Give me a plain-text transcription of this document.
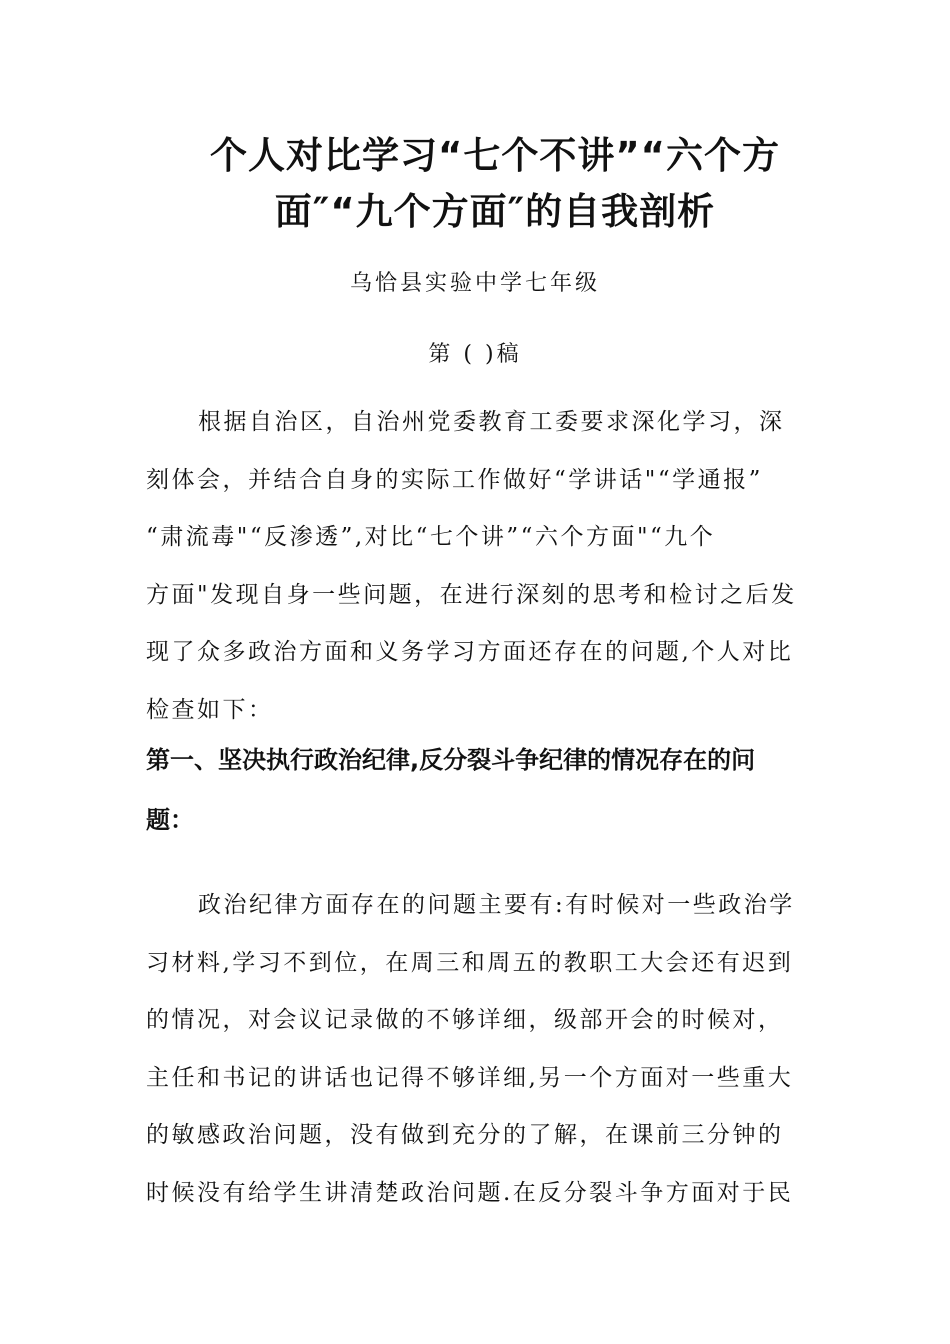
个人对比学习“七个不讲”“六个方
面″“九个方面″的自我剖析

乌恰县实验中学七年级

第 ( )稿

根据自治区，自治州党委教育工委要求深化学习，深
刻体会，并结合自身的实际工作做好“学讲话"“学通报”
“肃流毒"“反渗透”,对比“七个讲”“六个方面"“九个
方面"发现自身一些问题，在进行深刻的思考和检讨之后发
现了众多政治方面和义务学习方面还存在的问题,个人对比
检查如下：

第一、坚决执行政治纪律,反分裂斗争纪律的情况存在的问
题：

政治纪律方面存在的问题主要有:有时候对一些政治学
习材料,学习不到位，在周三和周五的教职工大会还有迟到
的情况，对会议记录做的不够详细，级部开会的时候对，
主任和书记的讲话也记得不够详细,另一个方面对一些重大
的敏感政治问题，没有做到充分的了解，在课前三分钟的
时候没有给学生讲清楚政治问题.在反分裂斗争方面对于民
